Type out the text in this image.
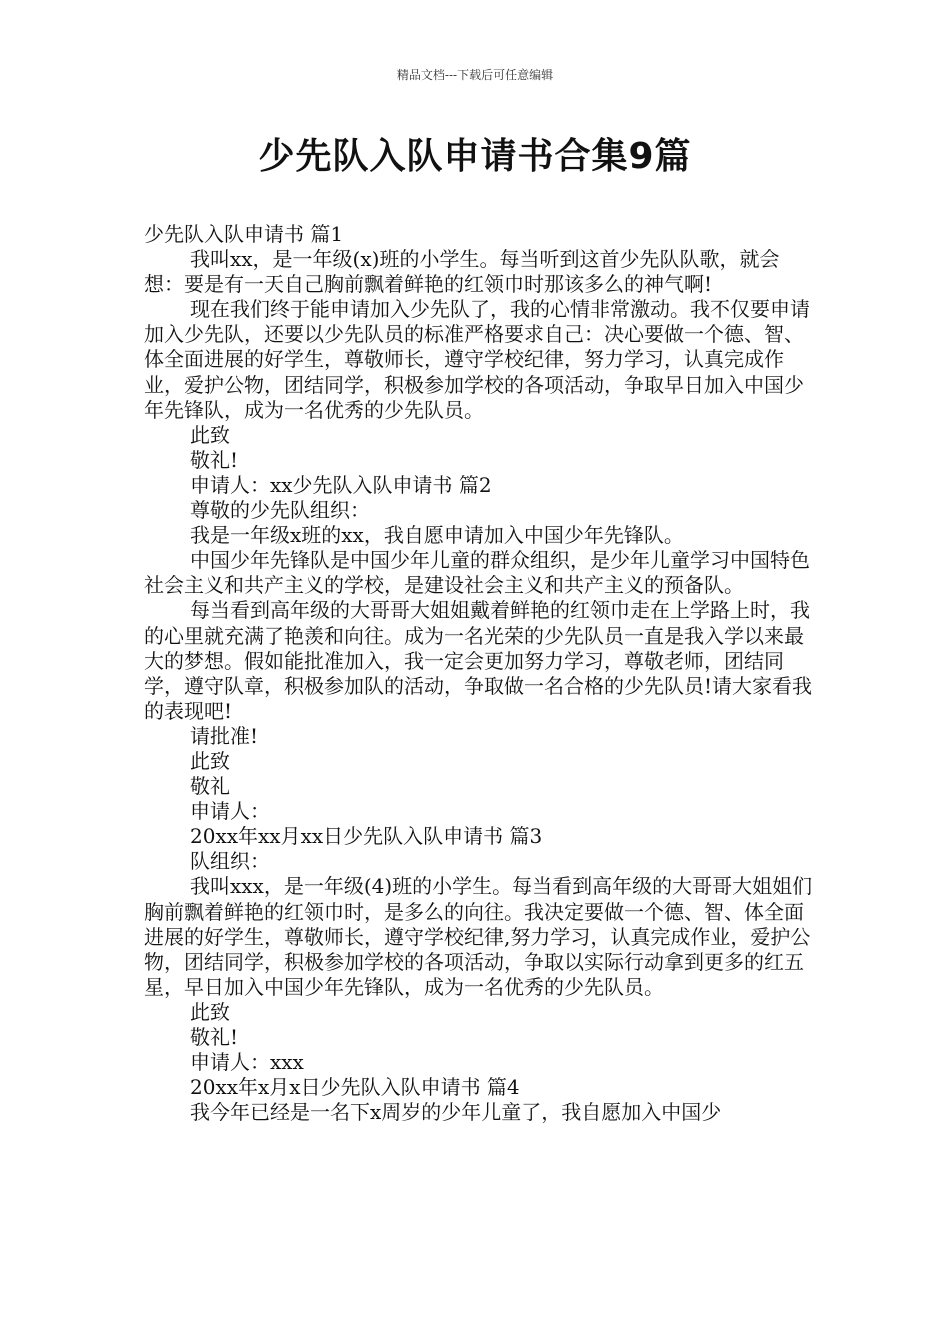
精品文档---下载后可任意编辑
少先队入队申请书合集9篇

少先队入队申请书 篇1

我叫xx，是一年级(x)班的小学生。每当听到这首少先队队歌，就会想：要是有一天自己胸前飘着鲜艳的红领巾时那该多么的神气啊!

现在我们终于能申请加入少先队了，我的心情非常激动。我不仅要申请加入少先队，还要以少先队员的标准严格要求自己：决心要做一个德、智、体全面进展的好学生，尊敬师长，遵守学校纪律，努力学习，认真完成作业，爱护公物，团结同学，积极参加学校的各项活动，争取早日加入中国少年先锋队，成为一名优秀的少先队员。

此致

敬礼!

申请人：xx少先队入队申请书 篇2

尊敬的少先队组织：

我是一年级x班的xx，我自愿申请加入中国少年先锋队。

中国少年先锋队是中国少年儿童的群众组织，是少年儿童学习中国特色社会主义和共产主义的学校，是建设社会主义和共产主义的预备队。

每当看到高年级的大哥哥大姐姐戴着鲜艳的红领巾走在上学路上时，我的心里就充满了艳羡和向往。成为一名光荣的少先队员一直是我入学以来最大的梦想。假如能批准加入，我一定会更加努力学习，尊敬老师，团结同学，遵守队章，积极参加队的活动，争取做一名合格的少先队员!请大家看我的表现吧!

请批准!

此致

敬礼

申请人：

20xx年xx月xx日少先队入队申请书 篇3

队组织：

我叫xxx，是一年级(4)班的小学生。每当看到高年级的大哥哥大姐姐们胸前飘着鲜艳的红领巾时，是多么的向往。我决定要做一个德、智、体全面进展的好学生，尊敬师长，遵守学校纪律,努力学习，认真完成作业，爱护公物，团结同学，积极参加学校的各项活动，争取以实际行动拿到更多的红五星，早日加入中国少年先锋队，成为一名优秀的少先队员。

此致

敬礼!

申请人：xxx

20xx年x月x日少先队入队申请书 篇4

我今年已经是一名下x周岁的少年儿童了，我自愿加入中国少
